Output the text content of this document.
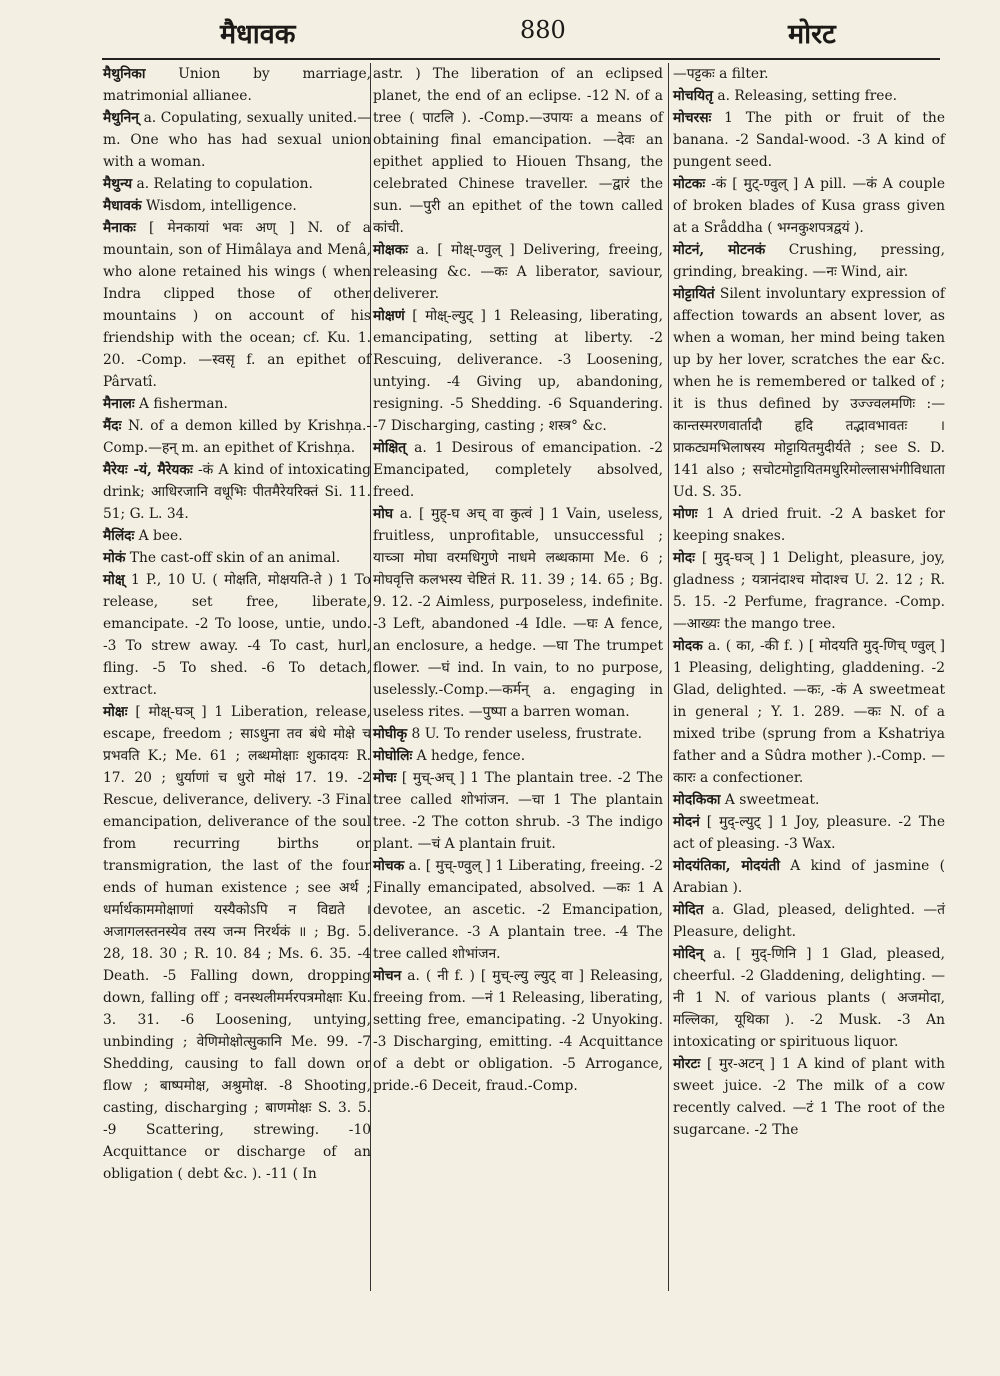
मैधावक	880	मोरट
मैथुनिका Union by marriage, matrimonial allianee.
मैथुनिन् a. Copulating, sexually united.—m. One who has had sexual union with a woman.
मैथुन्य a. Relating to copulation.
मैधावकं Wisdom, intelligence.
मैनाकः [ मेनकायां भवः अण् ] N. of a mountain, son of Himâlaya and Menâ, who alone retained his wings ( when Indra clipped those of other mountains ) on account of his friendship with the ocean; cf. Ku. 1. 20. -Comp. —स्वसृ f. an epithet of Pârvatî.
मैनालः A fisherman.
मैंदः N. of a demon killed by Krishņa.-Comp.—हन् m. an epithet of Krishņa.
मैरेयः -यं, मैरेयकः -कं A kind of intoxicating drink; आधिरजानि वधूभिः पीतमैरेयरिक्तं Si. 11. 51; G. L. 34.
मैलिंदः A bee.
मोकं The cast-off skin of an animal.
मोक्ष् 1 P., 10 U. ( मोक्षति, मोक्षयति-ते ) 1 To release, set free, liberate, emancipate. -2 To loose, untie, undo. -3 To strew away. -4 To cast, hurl, fling. -5 To shed. -6 To detach, extract.
मोक्षः [ मोक्ष्-घञ् ] 1 Liberation, release, escape, freedom ; साऽधुना तव बंधे मोक्षे च प्रभवति K.; Me. 61 ; लब्धमोक्षाः शुकादयः R. 17. 20 ; धुर्याणां च धुरो मोक्षं 17. 19. -2 Rescue, deliverance, delivery. -3 Final emancipation, deliverance of the soul from recurring births or transmigration, the last of the four ends of human existence ; see अर्थ ; धर्मार्थकाममोक्षाणां यस्यैकोऽपि न विद्यते । अजागलस्तनस्येव तस्य जन्म निरर्थकं ॥ ; Bg. 5. 28, 18. 30 ; R. 10. 84 ; Ms. 6. 35. -4 Death. -5 Falling down, dropping down, falling off ; वनस्थलीमर्मरपत्रमोक्षाः Ku. 3. 31. -6 Loosening, untying, unbinding ; वेणिमोक्षोत्सुकानि Me. 99. -7 Shedding, causing to fall down or flow ; बाष्पमोक्ष, अश्रुमोक्ष. -8 Shooting, casting, discharging ; बाणमोक्षः S. 3. 5. -9 Scattering, strewing. -10 Acquittance or discharge of an obligation ( debt &c. ). -11 ( In
astr. ) The liberation of an eclipsed planet, the end of an eclipse. -12 N. of a tree ( पाटलि ). -Comp.—उपायः a means of obtaining final emancipation. —देवः an epithet applied to Hiouen Thsang, the celebrated Chinese traveller. —द्वारं the sun. —पुरी an epithet of the town called कांची.
मोक्षकः a. [ मोक्ष्-ण्वुल् ] Delivering, freeing, releasing &c. —कः A liberator, saviour, deliverer.
मोक्षणं [ मोक्ष्-ल्युट् ] 1 Releasing, liberating, emancipating, setting at liberty. -2 Rescuing, deliverance. -3 Loosening, untying. -4 Giving up, abandoning, resigning. -5 Shedding. -6 Squandering. -7 Discharging, casting ; शस्त्र° &c.
मोक्षित् a. 1 Desirous of emancipation. -2 Emancipated, completely absolved, freed.
मोघ a. [ मुह्-घ अच् वा कुत्वं ] 1 Vain, useless, fruitless, unprofitable, unsuccessful ; याच्ञा मोघा वरमधिगुणे नाधमे लब्धकामा Me. 6 ; मोघवृत्ति कलभस्य चेष्टितं R. 11. 39 ; 14. 65 ; Bg. 9. 12. -2 Aimless, purposeless, indefinite. -3 Left, abandoned -4 Idle. —घः A fence, an enclosure, a hedge. —घा The trumpet flower. —घं ind. In vain, to no purpose, uselessly.-Comp.—कर्मन् a. engaging in useless rites. —पुष्पा a barren woman.
मोघीकृ 8 U. To render useless, frustrate.
मोघोलिः A hedge, fence.
मोचः [ मुच्-अच् ] 1 The plantain tree. -2 The tree called शोभांजन. —चा 1 The plantain tree. -2 The cotton shrub. -3 The indigo plant. —चं A plantain fruit.
मोचक a. [ मुच्-ण्वुल् ] 1 Liberating, freeing. -2 Finally emancipated, absolved. —कः 1 A devotee, an ascetic. -2 Emancipation, deliverance. -3 A plantain tree. -4 The tree called शोभांजन.
मोचन a. ( नी f. ) [ मुच्-ल्यु ल्युट् वा ] Releasing, freeing from. —नं 1 Releasing, liberating, setting free, emancipating. -2 Unyoking. -3 Discharging, emitting. -4 Acquittance of a debt or obligation. -5 Arrogance, pride.-6 Deceit, fraud.-Comp.
—पट्टकः a filter.
मोचयितृ a. Releasing, setting free.
मोचरसः 1 The pith or fruit of the banana. -2 Sandal-wood. -3 A kind of pungent seed.
मोटकः -कं [ मुट्-ण्वुल् ] A pill. —कं A couple of broken blades of Kusa grass given at a Sråddha ( भग्नकुशपत्रद्वयं ).
मोटनं, मोटनकं Crushing, pressing, grinding, breaking. —नः Wind, air.
मोट्टायितं Silent involuntary expression of affection towards an absent lover, as when a woman, her mind being taken up by her lover, scratches the ear &c. when he is remembered or talked of ; it is thus defined by उज्ज्वलमणिः :—कान्तस्मरणवार्तादौ हृदि तद्भावभावतः । प्राकट्यमभिलाषस्य मोट्टायितमुदीर्यते ; see S. D. 141 also ; सचोटमोट्टायितमधुरिमोल्लासभंगीविधाता Ud. S. 35.
मोणः 1 A dried fruit. -2 A basket for keeping snakes.
मोदः [ मुद्-घञ् ] 1 Delight, pleasure, joy, gladness ; यत्रानंदाश्च मोदाश्च U. 2. 12 ; R. 5. 15. -2 Perfume, fragrance. -Comp. —आख्यः the mango tree.
मोदक a. ( का, -की f. ) [ मोदयति मुद्-णिच् ण्वुल् ] 1 Pleasing, delighting, gladdening. -2 Glad, delighted. —कः, -कं A sweetmeat in general ; Y. 1. 289. —कः N. of a mixed tribe (sprung from a Kshatriya father and a Sûdra mother ).-Comp. —कारः a confectioner.
मोदकिका A sweetmeat.
मोदनं [ मुद्-ल्युट् ] 1 Joy, pleasure. -2 The act of pleasing. -3 Wax.
मोदयंतिका, मोदयंती A kind of jasmine ( Arabian ).
मोदित a. Glad, pleased, delighted. —तं Pleasure, delight.
मोदिन् a. [ मुद्-णिनि ] 1 Glad, pleased, cheerful. -2 Gladdening, delighting. —नी 1 N. of various plants ( अजमोदा, मल्लिका, यूथिका ). -2 Musk. -3 An intoxicating or spirituous liquor.
मोरटः [ मुर-अटन् ] 1 A kind of plant with sweet juice. -2 The milk of a cow recently calved. —टं 1 The root of the sugarcane. -2 The
